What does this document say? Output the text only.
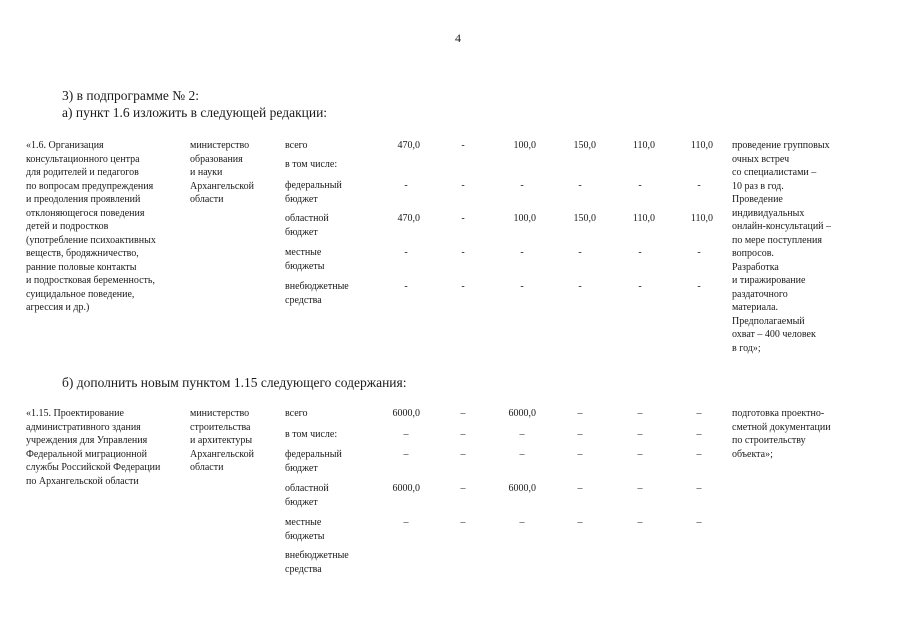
4
3) в подпрограмме № 2:
а) пункт 1.6 изложить в следующей редакции:
б) дополнить новым пунктом 1.15 следующего содержания:
«1.6. Организация
консультационного центра
для родителей и педагогов
по вопросам предупреждения
и преодоления проявлений
отклоняющегося поведения
детей и подростков
(употребление психоактивных
веществ, бродяжничество,
ранние половые контакты
и подростковая беременность,
суицидальное поведение,
агрессия и др.)
министерство
образования
и науки
Архангельской
области
проведение групповых
очных встреч
со специалистами –
10 раз в год.
Проведение
индивидуальных
онлайн-консультаций –
по мере поступления
вопросов.
Разработка
и тиражирование
раздаточного
материала.
Предполагаемый
охват – 400 человек
в год»;
всего	470,0	-	100,0	150,0	110,0	110,0
в том числе:
федеральный
бюджет
-	-	-	-	-	-
областной
бюджет
470,0	-	100,0	150,0	110,0	110,0
местные
бюджеты
-	-	-	-	-	-
внебюджетные
средства
-	-	-	-	-	-
«1.15. Проектирование
административного здания
учреждения для Управления
Федеральной миграционной
службы Российской Федерации
по Архангельской области
министерство
строительства
и архитектуры
Архангельской
области
подготовка проектно-
сметной документации
по строительству
объекта»;
всего	6000,0	–	6000,0	–	–	–
в том числе:	–	–	–	–	–	–
федеральный
бюджет
–	–	–	–	–	–
областной
бюджет
6000,0	–	6000,0	–	–	–
местные
бюджеты
–	–	–	–	–	–
внебюджетные
средства
